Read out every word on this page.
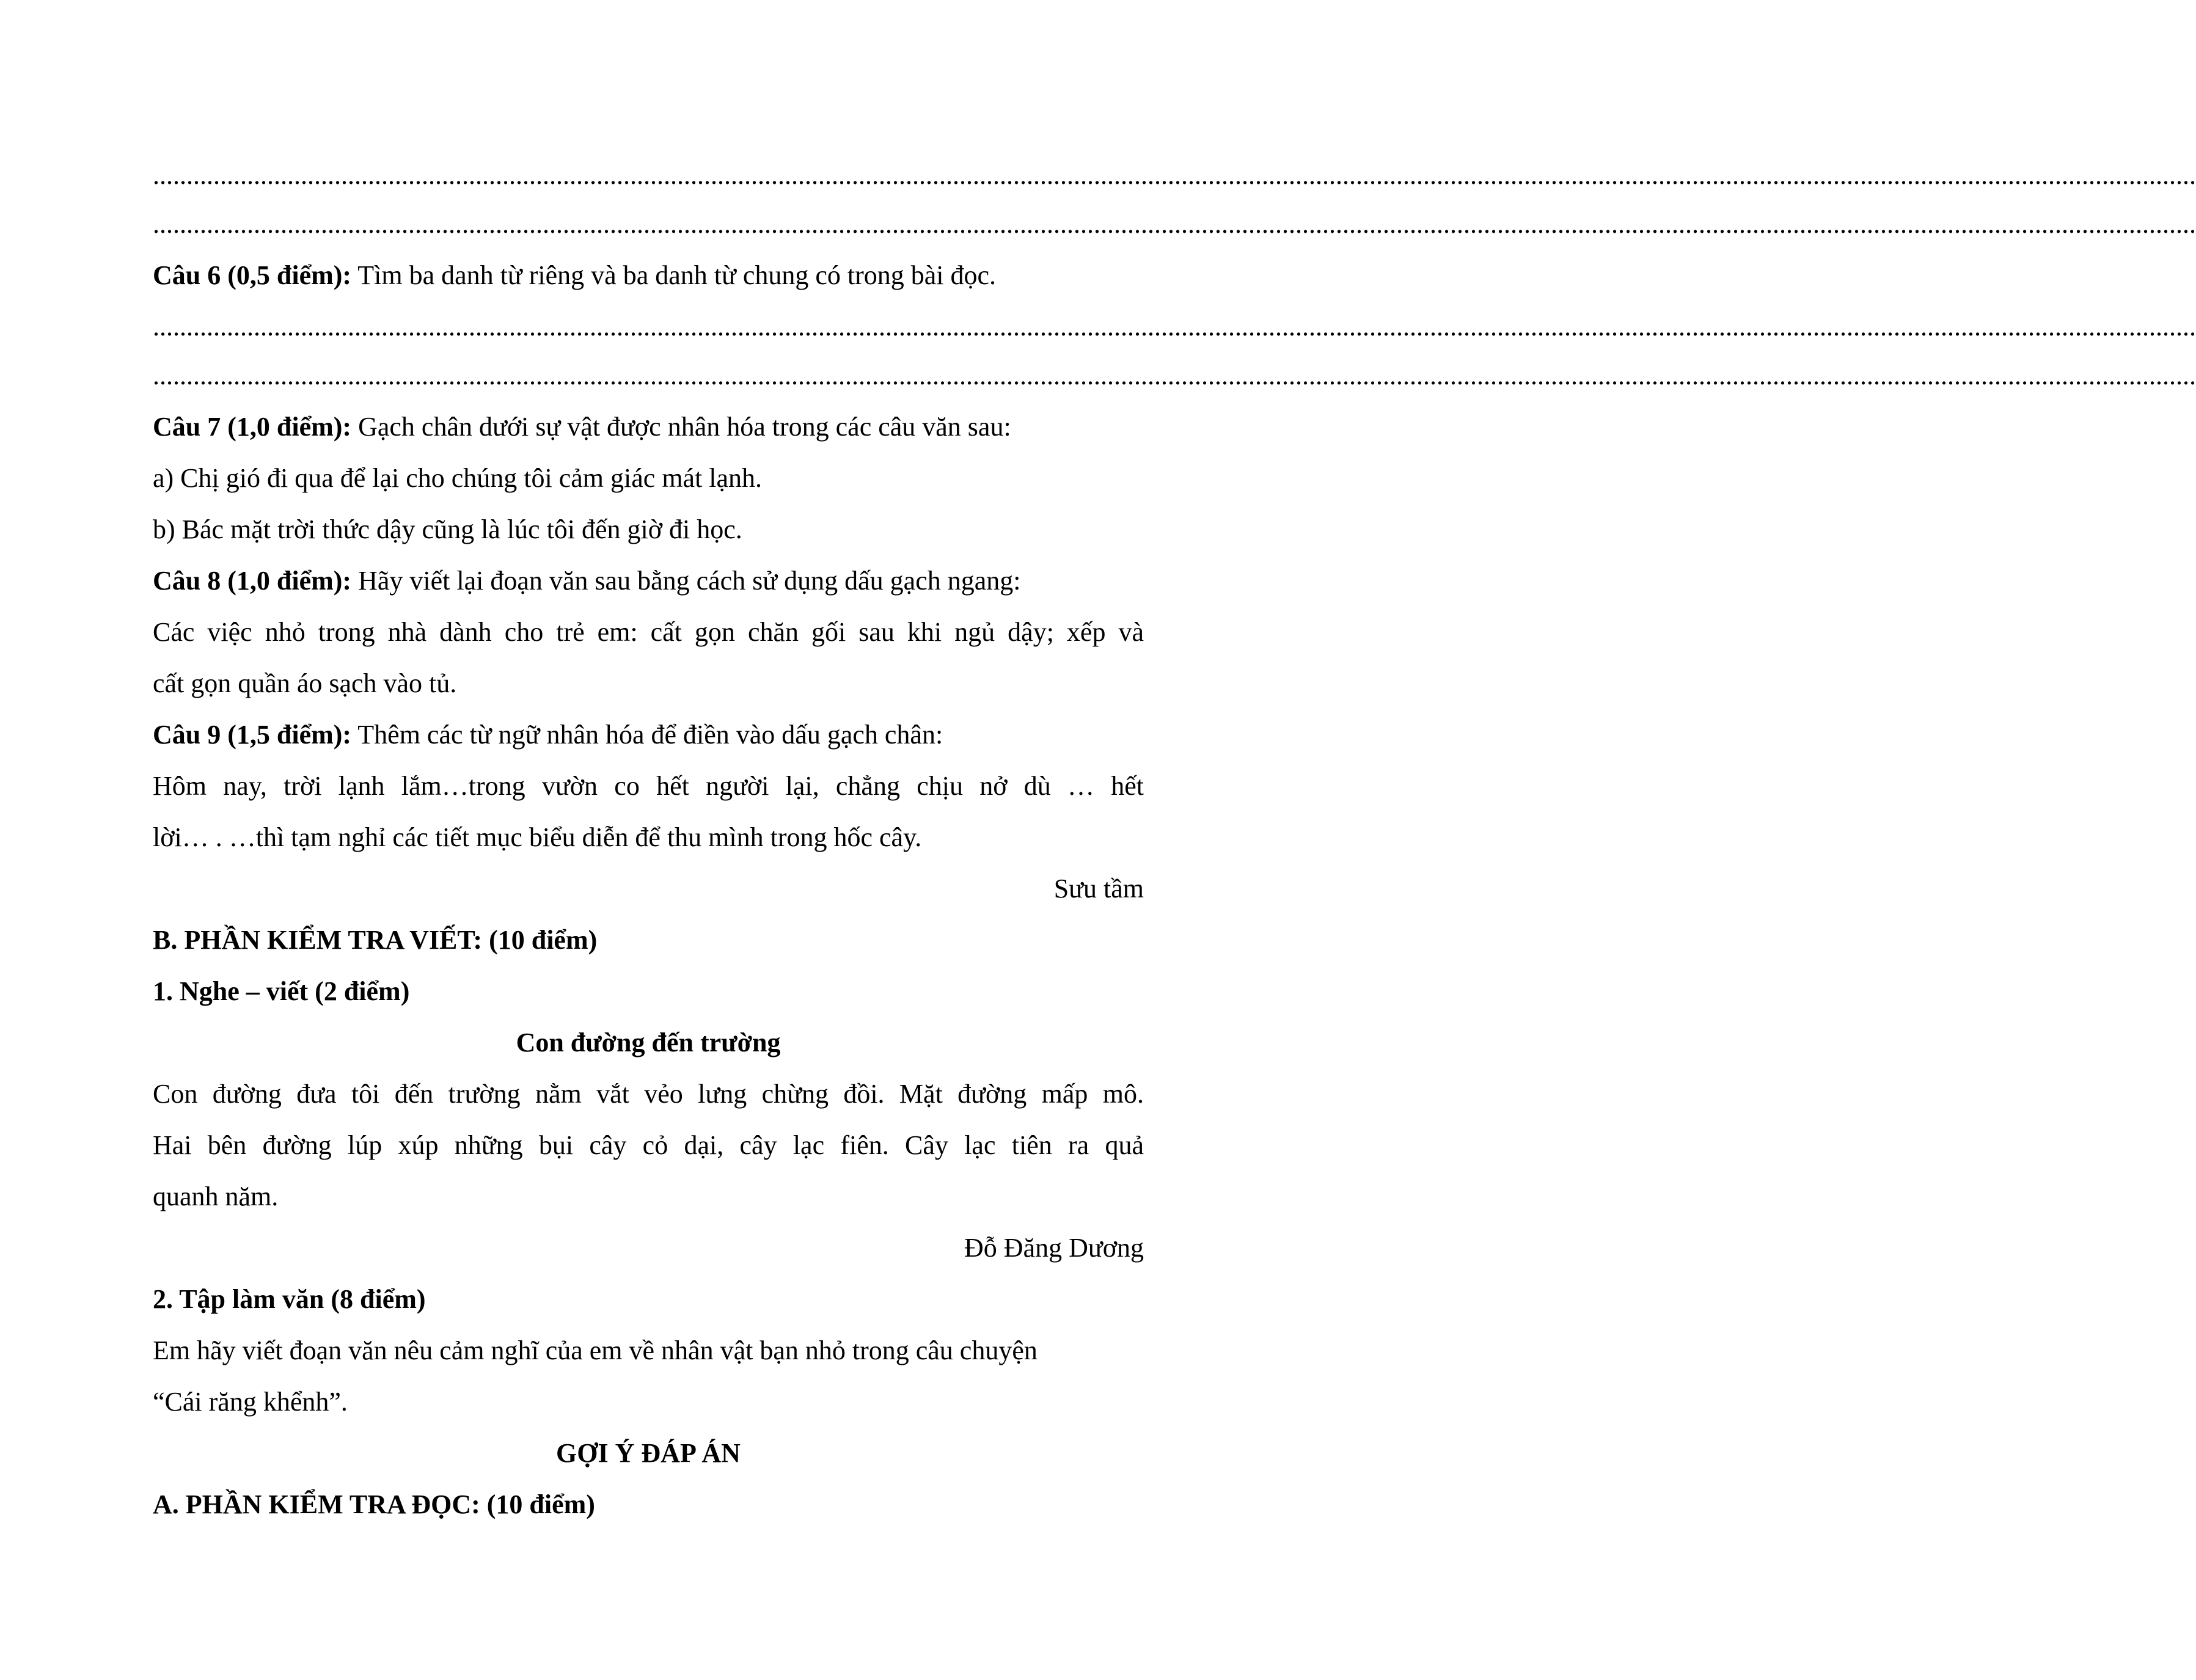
................................................................................................................................................................................................................................................................................................................
................................................................................................................................................................................................................................................................................................................
Câu 6 (0,5 điểm): Tìm ba danh từ riêng và ba danh từ chung có trong bài đọc.
................................................................................................................................................................................................................................................................................................................
................................................................................................................................................................................................................................................................................................................
Câu 7 (1,0 điểm): Gạch chân dưới sự vật được nhân hóa trong các câu văn sau:
a) Chị gió đi qua để lại cho chúng tôi cảm giác mát lạnh.
b) Bác mặt trời thức dậy cũng là lúc tôi đến giờ đi học.
Câu 8 (1,0 điểm): Hãy viết lại đoạn văn sau bằng cách sử dụng dấu gạch ngang:
Các việc nhỏ trong nhà dành cho trẻ em: cất gọn chăn gối sau khi ngủ dậy; xếp và
cất gọn quần áo sạch vào tủ.
Câu 9 (1,5 điểm): Thêm các từ ngữ nhân hóa để điền vào dấu gạch chân:
Hôm nay, trời lạnh lắm…trong vườn co hết người lại, chẳng chịu nở dù … hết
lời… . …thì tạm nghỉ các tiết mục biểu diễn để thu mình trong hốc cây.
Sưu tầm
B. PHẦN KIỂM TRA VIẾT: (10 điểm)
1. Nghe – viết (2 điểm)
Con đường đến trường
Con đường đưa tôi đến trường nằm vắt vẻo lưng chừng đồi. Mặt đường mấp mô.
Hai bên đường lúp xúp những bụi cây cỏ dại, cây lạc fiên. Cây lạc tiên ra quả
quanh năm.
Đỗ Đăng Dương
2. Tập làm văn (8 điểm)
Em hãy viết đoạn văn nêu cảm nghĩ của em về nhân vật bạn nhỏ trong câu chuyện
“Cái răng khểnh”.
GỢI Ý ĐÁP ÁN
A. PHẦN KIỂM TRA ĐỌC: (10 điểm)
